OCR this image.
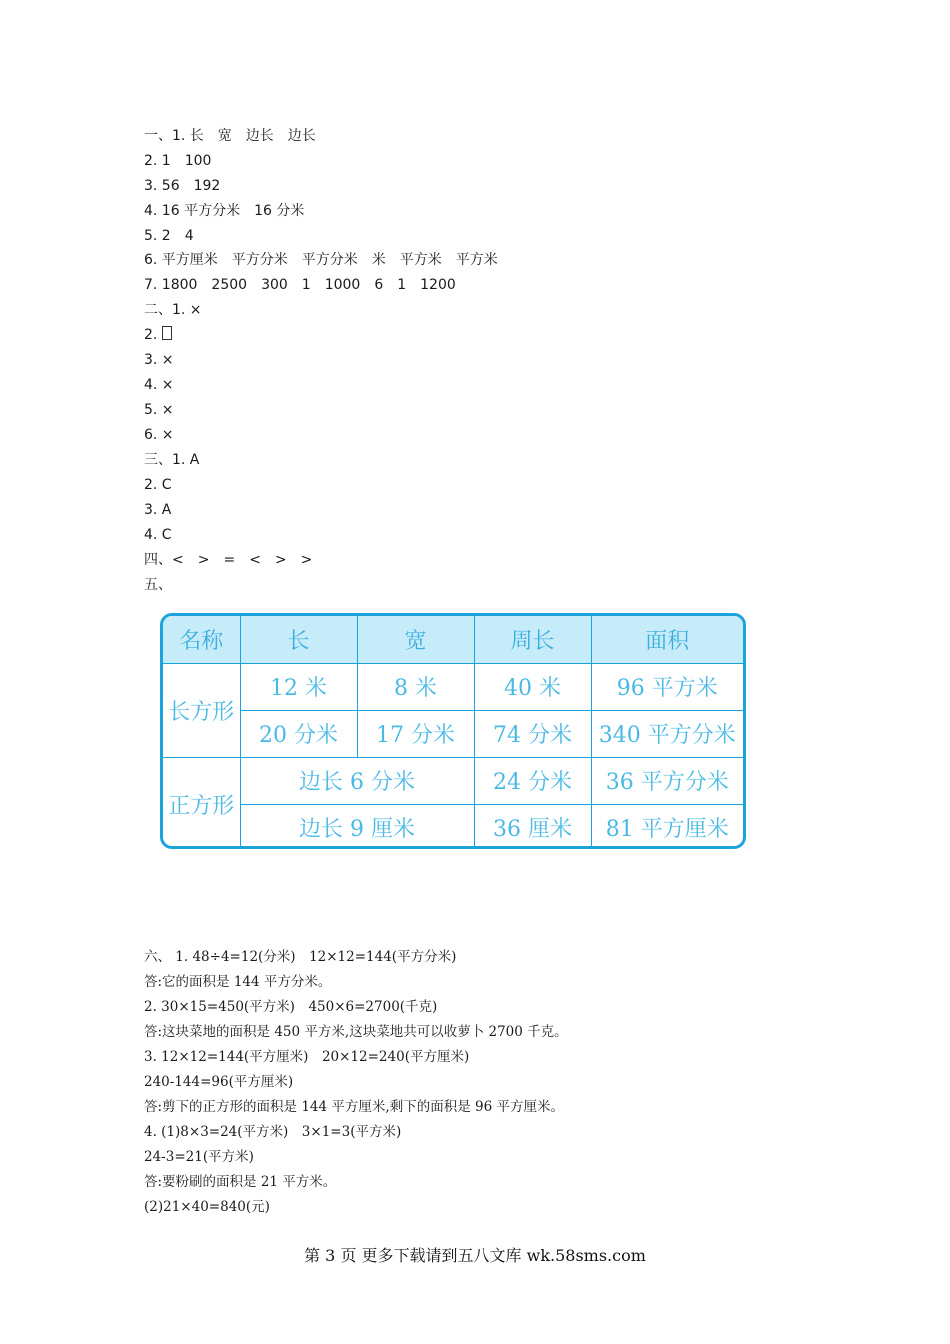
一、1. 长　宽　边长　边长
2. 1　100
3. 56　192
4. 16 平方分米　16 分米
5. 2　4
6. 平方厘米　平方分米　平方分米　米　平方米　平方米
7. 1800　2500　300　1　1000　6　1　1200
二、1. ×
2.
3. ×
4. ×
5. ×
6. ×
三、1. A
2. C
3. A
4. C
四、<　>　=　<　>　>
五、
名称	长	宽	周长	面积
长方形	12 米	8 米	40 米	96 平方米
	20 分米	17 分米	74 分米	340 平方分米
正方形	边长 6 分米		24 分米	36 平方分米
	边长 9 厘米		36 厘米	81 平方厘米
六、 1. 48÷4=12(分米)　12×12=144(平方分米)
答:它的面积是 144 平方分米。
2. 30×15=450(平方米)　450×6=2700(千克)
答:这块菜地的面积是 450 平方米,这块菜地共可以收萝卜 2700 千克。
3. 12×12=144(平方厘米)　20×12=240(平方厘米)
240-144=96(平方厘米)
答:剪下的正方形的面积是 144 平方厘米,剩下的面积是 96 平方厘米。
4. (1)8×3=24(平方米)　3×1=3(平方米)
24-3=21(平方米)
答:要粉刷的面积是 21 平方米。
(2)21×40=840(元)
第 3 页 更多下载请到五八文库 wk.58sms.com
